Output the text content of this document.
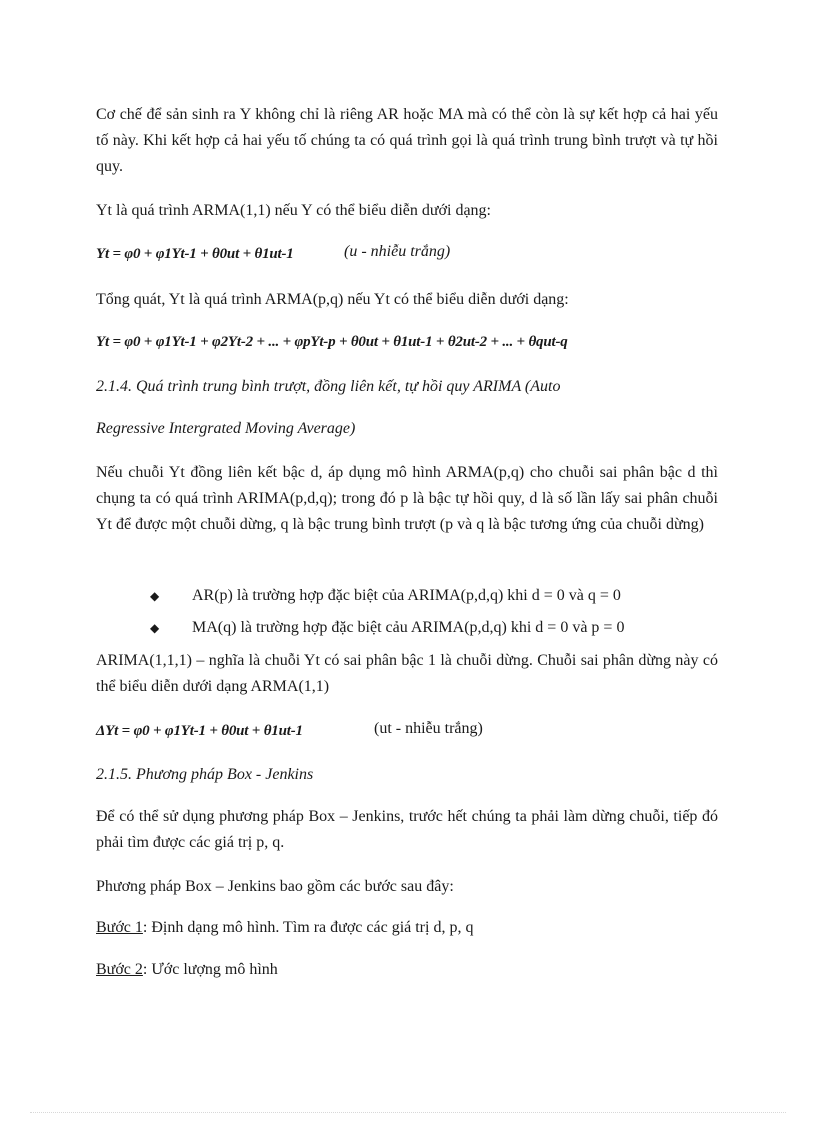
Cơ chế để sản sinh ra Y không chỉ là riêng AR hoặc MA mà có thể còn là sự kết hợp cả hai yếu tố này. Khi kết hợp cả hai yếu tố chúng ta có quá trình gọi là quá trình trung bình trượt và tự hồi quy.

Yt là quá trình ARMA(1,1) nếu Y có thể biểu diễn dưới dạng:

Yt = φ0 + φ1Yt-1 + θ0ut + θ1ut-1	(u - nhiễu trắng)

Tổng quát, Yt là quá trình ARMA(p,q) nếu Yt có thể biểu diễn dưới dạng:

Yt = φ0 + φ1Yt-1 + φ2Yt-2 + ... + φpYt-p + θ0ut + θ1ut-1 + θ2ut-2 + ... + θqut-q
2.1.4. Quá trình trung bình trượt, đồng liên kết, tự hồi quy ARIMA (Auto
Regressive Intergrated Moving Average)

Nếu chuỗi Yt đồng liên kết bậc d, áp dụng mô hình ARMA(p,q) cho chuỗi sai phân bậc d thì chụng ta có quá trình ARIMA(p,d,q); trong đó p là bậc tự hồi quy, d là số lần lấy sai phân chuỗi Yt để được một chuỗi dừng, q là bậc trung bình trượt (p và q là bậc tương ứng của chuỗi dừng)

◆ AR(p) là trường hợp đặc biệt của ARIMA(p,d,q) khi d = 0 và q = 0
◆ MA(q) là trường hợp đặc biệt cảu ARIMA(p,d,q) khi d = 0 và p = 0

ARIMA(1,1,1) – nghĩa là chuỗi Yt có sai phân bậc 1 là chuỗi dừng. Chuỗi sai phân dừng này có thể biểu diễn dưới dạng ARMA(1,1)

ΔYt = φ0 + φ1Yt-1 + θ0ut + θ1ut-1	(ut - nhiễu trắng)
2.1.5. Phương pháp Box - Jenkins

Để có thể sử dụng phương pháp Box – Jenkins, trước hết chúng ta phải làm dừng chuỗi, tiếp đó phải tìm được các giá trị p, q.

Phương pháp Box – Jenkins bao gồm các bước sau đây:

Bước 1: Định dạng mô hình. Tìm ra được các giá trị d, p, q
Bước 2: Ước lượng mô hình
